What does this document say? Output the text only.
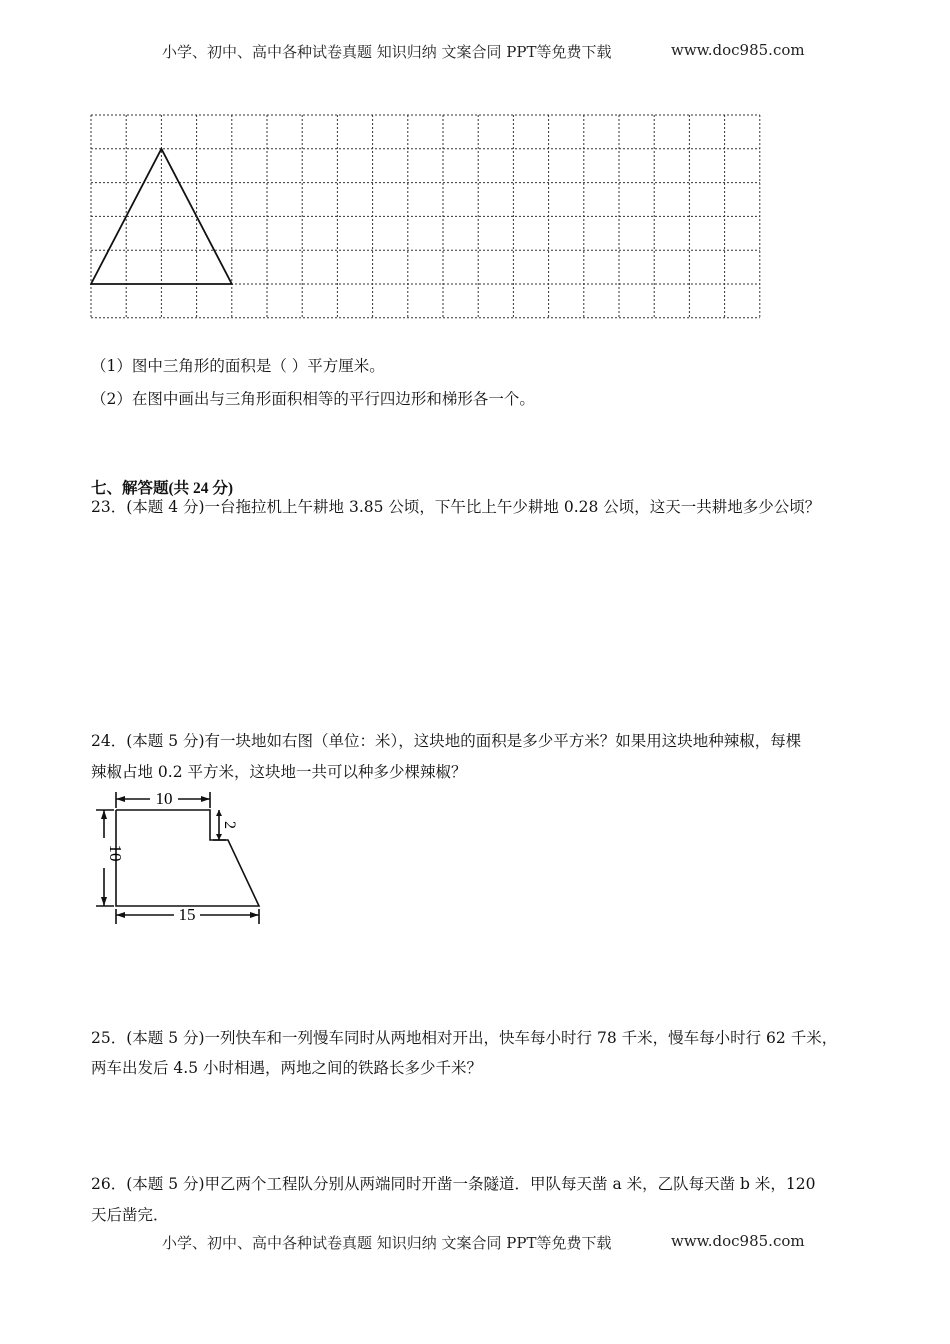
小学、初中、高中各种试卷真题 知识归纳 文案合同 PPT等免费下载	www.doc985.com
（1）图中三角形的面积是（ ）平方厘米。
（2）在图中画出与三角形面积相等的平行四边形和梯形各一个。
七、解答题(共 24 分)
23．(本题 4 分)一台拖拉机上午耕地 3.85 公顷，下午比上午少耕地 0.28 公顷，这天一共耕地多少公顷？
24．(本题 5 分)有一块地如右图（单位：米），这块地的面积是多少平方米？如果用这块地种辣椒，每棵
辣椒占地 0.2 平方米，这块地一共可以种多少棵辣椒？
10
10
2
15
25．(本题 5 分)一列快车和一列慢车同时从两地相对开出，快车每小时行 78 千米，慢车每小时行 62 千米，
两车出发后 4.5 小时相遇，两地之间的铁路长多少千米？
26．(本题 5 分)甲乙两个工程队分别从两端同时开凿一条隧道．甲队每天凿 a 米，乙队每天凿 b 米，120
天后凿完．
小学、初中、高中各种试卷真题 知识归纳 文案合同 PPT等免费下载	www.doc985.com
